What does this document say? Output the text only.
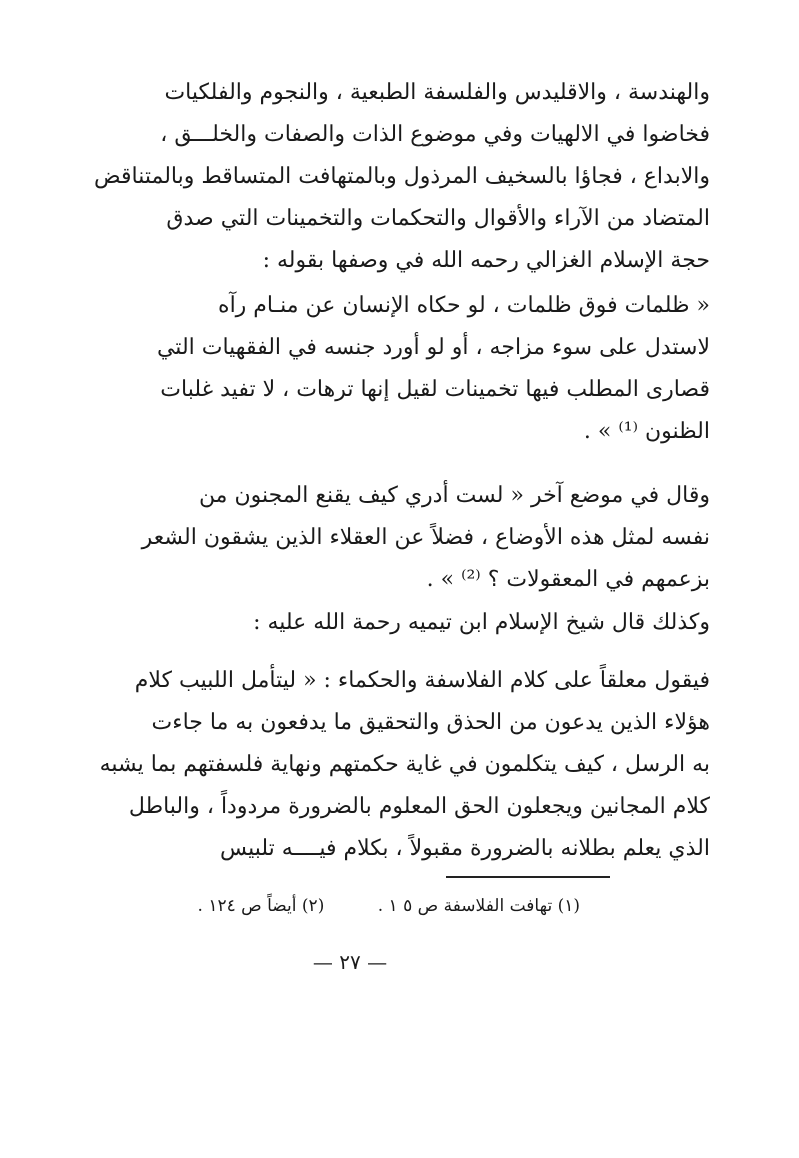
والهندسة ، والاقليدس والفلسفة الطبعية ، والنجوم والفلكيات

فخاضوا في الالهيات وفي موضوع الذات والصفات والخلـــق ،

والابداع ، فجاؤا بالسخيف المرذول وبالمتهافت المتساقط وبالمتناقض

المتضاد من الآراء والأقوال والتحكمات والتخمينات التي صدق

حجة الإسلام الغزالي رحمه الله في وصفها بقوله :

« ظلمات فوق ظلمات ، لو حكاه الإنسان عن منـام رآه

لاستدل على سوء مزاجه ، أو لو أورد جنسه في الفقهيات التي

قصارى المطلب فيها تخمينات لقيل إنها ترهات ، لا تفيد غلبات

الظنون ⁽¹⁾ » .

وقال في موضع آخر « لست أدري كيف يقنع المجنون من

نفسه لمثل هذه الأوضاع ، فضلاً عن العقلاء الذين يشقون الشعر

بزعمهم في المعقولات ؟ ⁽²⁾ » .

وكذلك قال شيخ الإسلام ابن تيميه رحمة الله عليه :

فيقول معلقاً على كلام الفلاسفة والحكماء : « ليتأمل اللبيب كلام

هؤلاء الذين يدعون من الحذق والتحقيق ما يدفعون به ما جاءت

به الرسل ، كيف يتكلمون في غاية حكمتهم ونهاية فلسفتهم بما يشبه

كلام المجانين ويجعلون الحق المعلوم بالضرورة مردوداً ، والباطل

الذي يعلم بطلانه بالضرورة مقبولاً ، بكلام فيــــه تلبيس

(١) تهافت الفلاسفة ص ٥ ١ . (٢) أيضاً ص ١٢٤ .
— ٢٧ —
